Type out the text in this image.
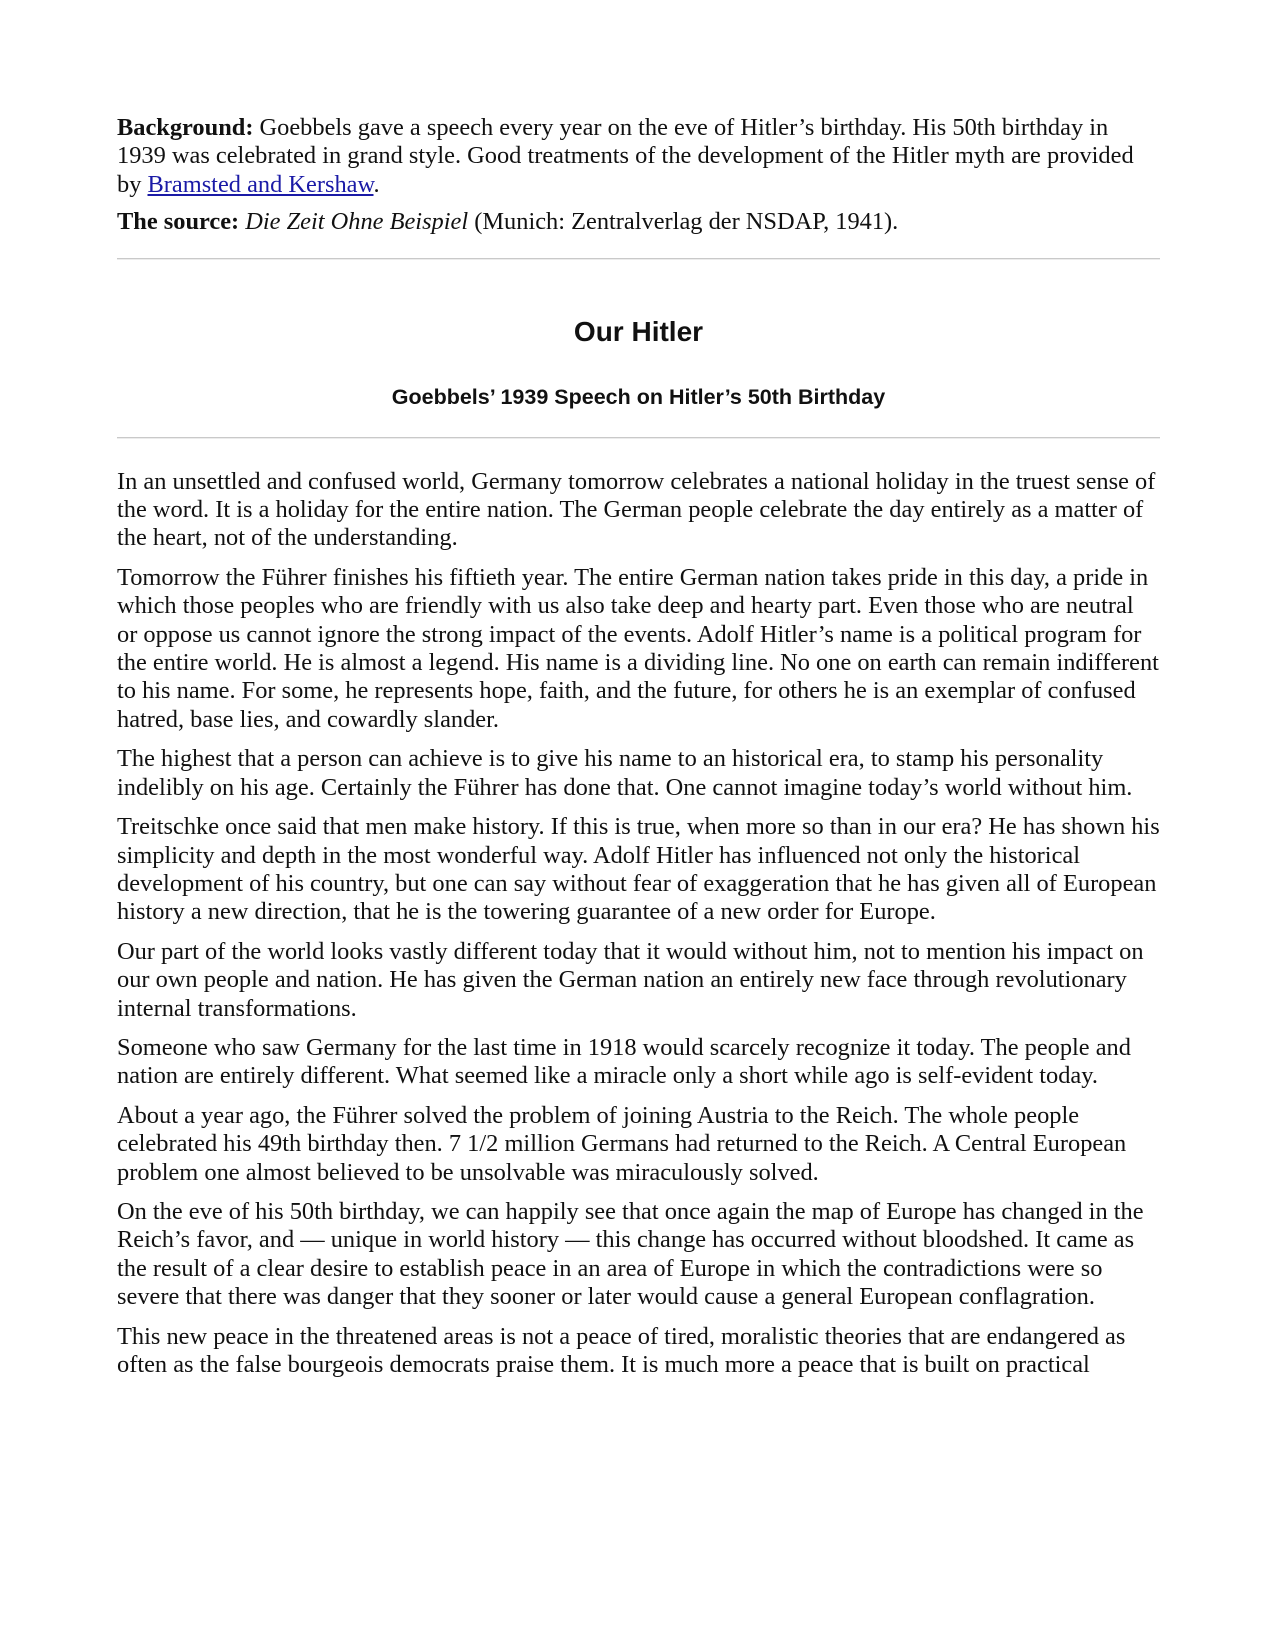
Background: Goebbels gave a speech every year on the eve of Hitler’s birthday. His 50th birthday in 1939 was celebrated in grand style. Good treatments of the development of the Hitler myth are provided by Bramsted and Kershaw.

The source: Die Zeit Ohne Beispiel (Munich: Zentralverlag der NSDAP, 1941).

Our Hitler
Goebbels’ 1939 Speech on Hitler’s 50th Birthday

In an unsettled and confused world, Germany tomorrow celebrates a national holiday in the truest sense of the word. It is a holiday for the entire nation. The German people celebrate the day entirely as a matter of the heart, not of the understanding.

Tomorrow the Führer finishes his fiftieth year. The entire German nation takes pride in this day, a pride in which those peoples who are friendly with us also take deep and hearty part. Even those who are neutral or oppose us cannot ignore the strong impact of the events. Adolf Hitler’s name is a political program for the entire world. He is almost a legend. His name is a dividing line. No one on earth can remain indifferent to his name. For some, he represents hope, faith, and the future, for others he is an exemplar of confused hatred, base lies, and cowardly slander.

The highest that a person can achieve is to give his name to an historical era, to stamp his personality indelibly on his age. Certainly the Führer has done that. One cannot imagine today’s world without him.

Treitschke once said that men make history. If this is true, when more so than in our era? He has shown his simplicity and depth in the most wonderful way. Adolf Hitler has influenced not only the historical development of his country, but one can say without fear of exaggeration that he has given all of European history a new direction, that he is the towering guarantee of a new order for Europe.

Our part of the world looks vastly different today that it would without him, not to mention his impact on our own people and nation. He has given the German nation an entirely new face through revolutionary internal transformations.

Someone who saw Germany for the last time in 1918 would scarcely recognize it today. The people and nation are entirely different. What seemed like a miracle only a short while ago is self-evident today.

About a year ago, the Führer solved the problem of joining Austria to the Reich. The whole people celebrated his 49th birthday then. 7 1/2 million Germans had returned to the Reich. A Central European problem one almost believed to be unsolvable was miraculously solved.

On the eve of his 50th birthday, we can happily see that once again the map of Europe has changed in the Reich’s favor, and — unique in world history — this change has occurred without bloodshed. It came as the result of a clear desire to establish peace in an area of Europe in which the contradictions were so severe that there was danger that they sooner or later would cause a general European conflagration.

This new peace in the threatened areas is not a peace of tired, moralistic theories that are endangered as often as the false bourgeois democrats praise them. It is much more a peace that is built on practical
